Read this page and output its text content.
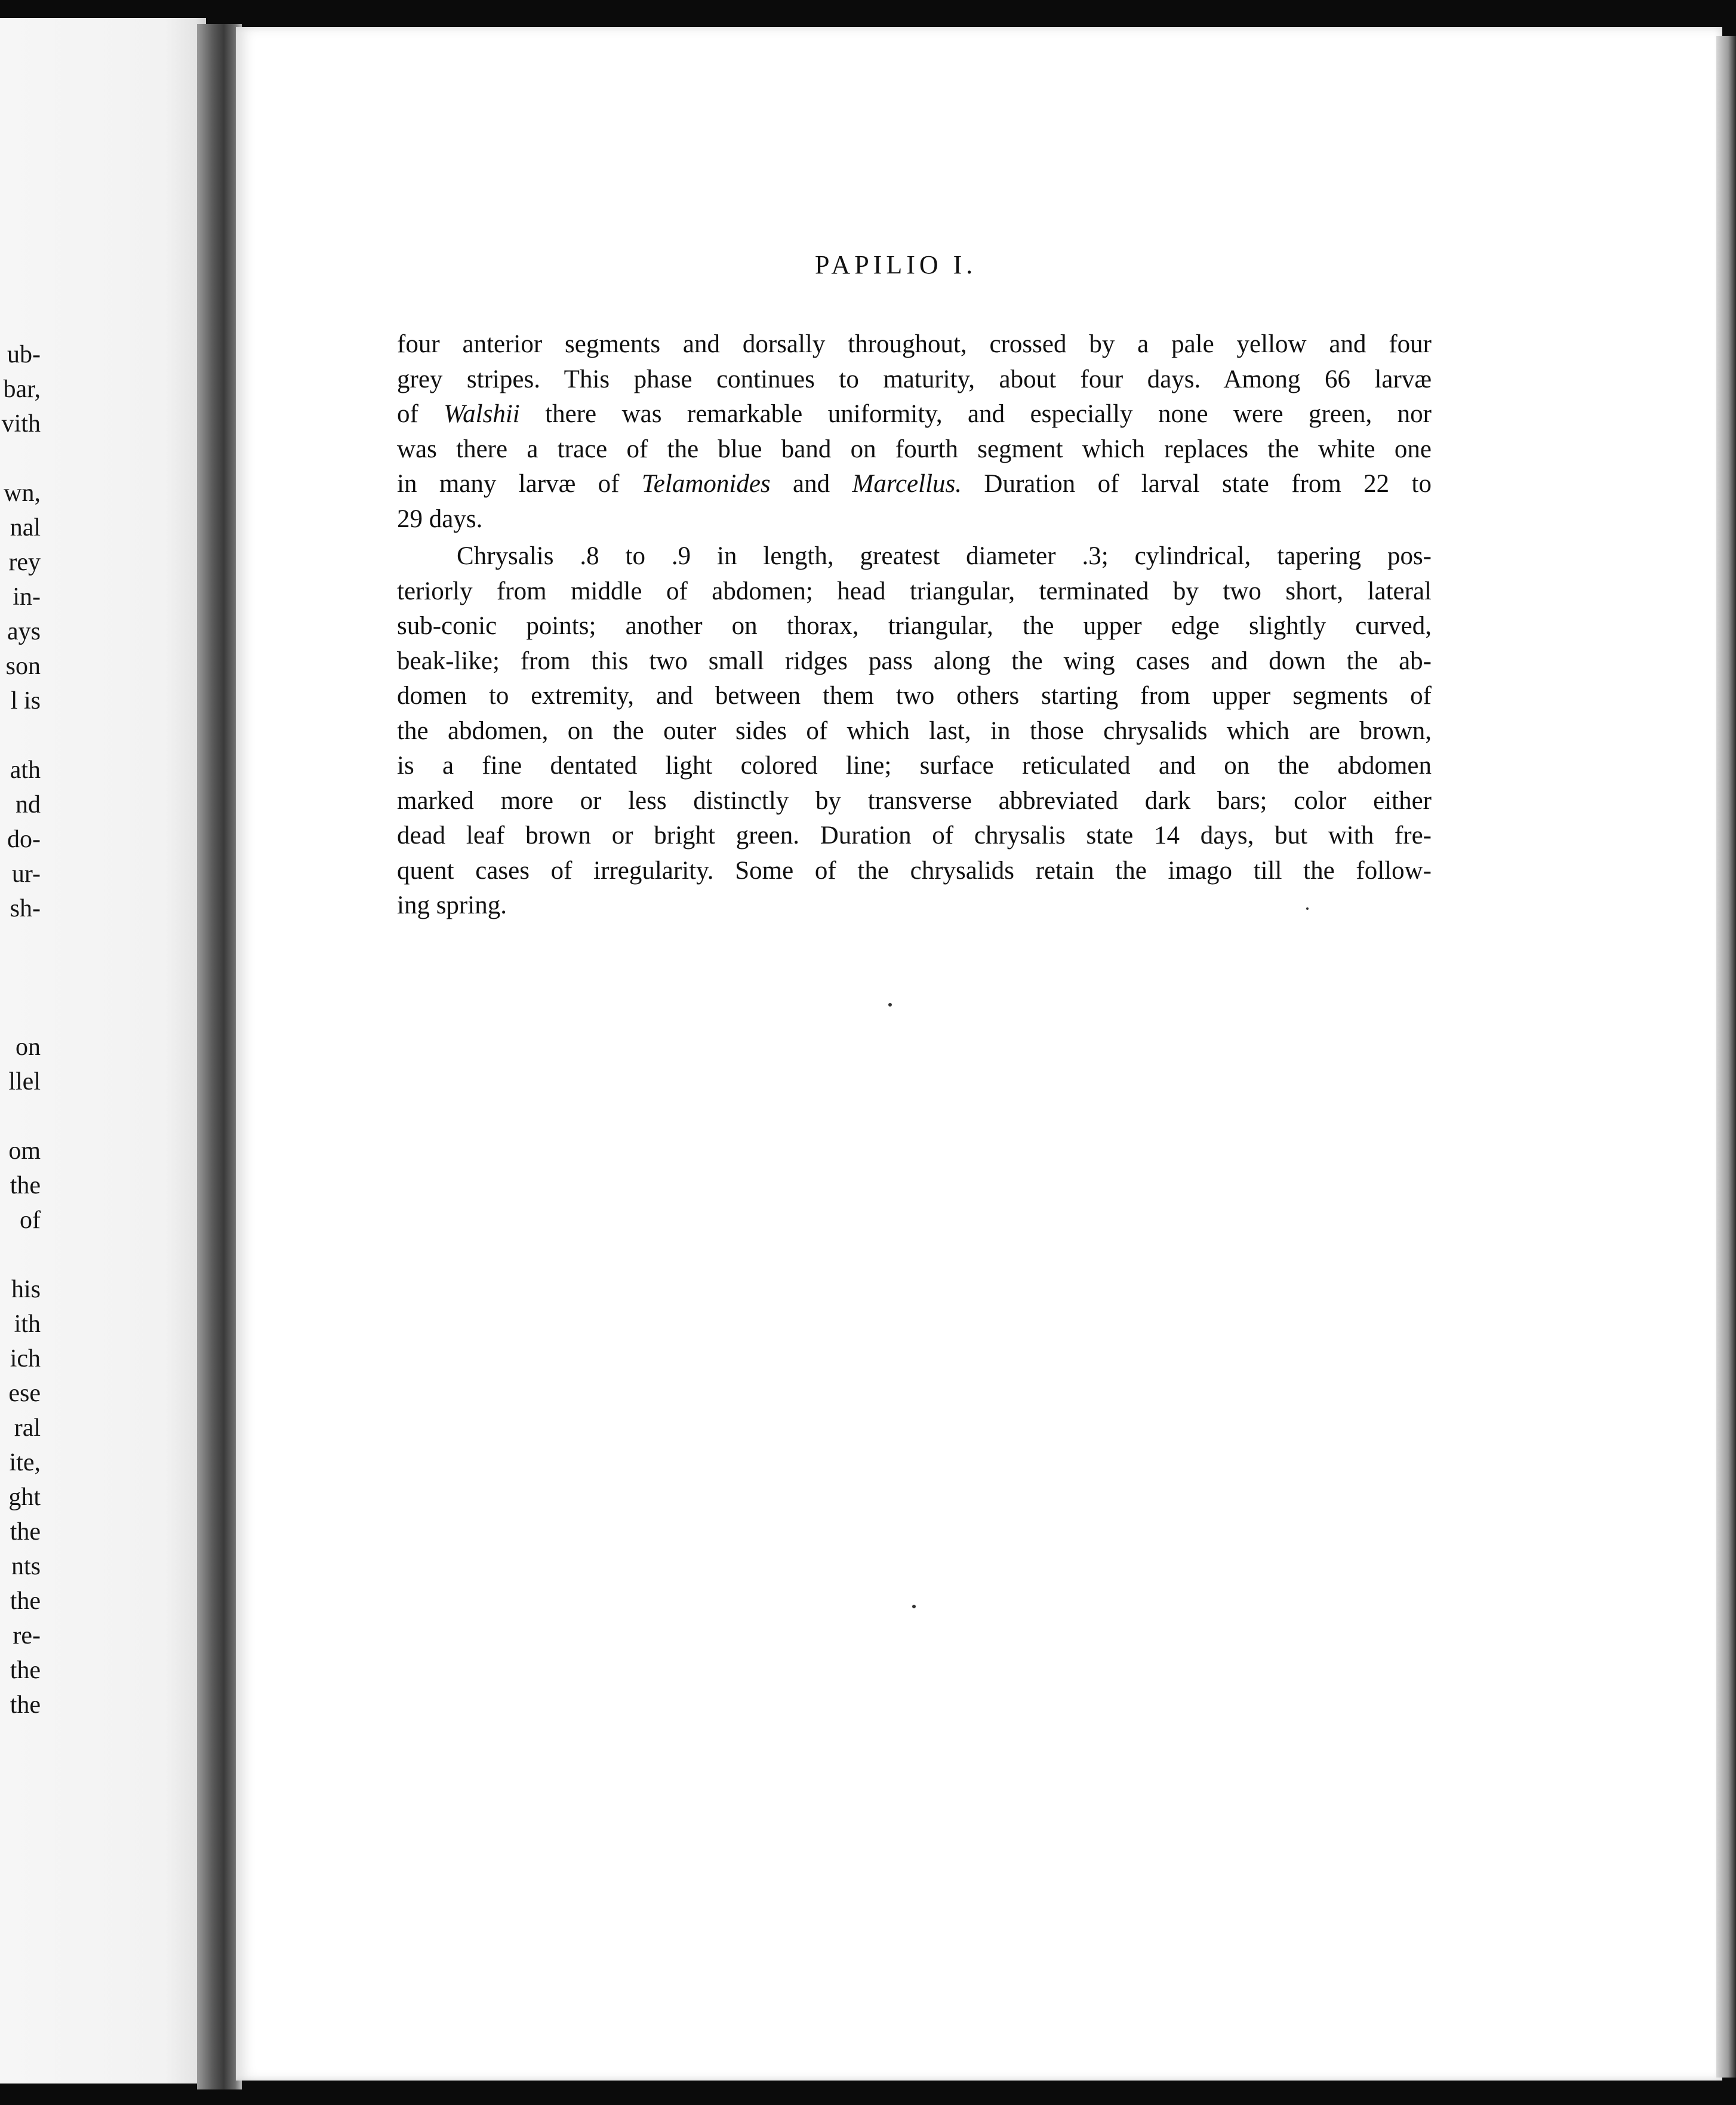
ub-
bar,
vith
wn,
nal
rey
in-
ays
son
l is
ath
nd
do-
ur-
sh-
on
llel
om
the
of
his
ith
ich
ese
ral
ite,
ght
the
nts
the
re-
the
the
PAPILIO I.

four anterior segments and dorsally throughout, crossed by a pale yellow and four
grey stripes. This phase continues to maturity, about four days. Among 66 larvæ
of Walshii there was remarkable uniformity, and especially none were green, nor
was there a trace of the blue band on fourth segment which replaces the white one
in many larvæ of Telamonides and Marcellus. Duration of larval state from 22 to
29 days.

Chrysalis .8 to .9 in length, greatest diameter .3; cylindrical, tapering pos-
teriorly from middle of abdomen; head triangular, terminated by two short, lateral
sub-conic points; another on thorax, triangular, the upper edge slightly curved,
beak-like; from this two small ridges pass along the wing cases and down the ab-
domen to extremity, and between them two others starting from upper segments of
the abdomen, on the outer sides of which last, in those chrysalids which are brown,
is a fine dentated light colored line; surface reticulated and on the abdomen
marked more or less distinctly by transverse abbreviated dark bars; color either
dead leaf brown or bright green. Duration of chrysalis state 14 days, but with fre-
quent cases of irregularity. Some of the chrysalids retain the imago till the follow-
ing spring.
